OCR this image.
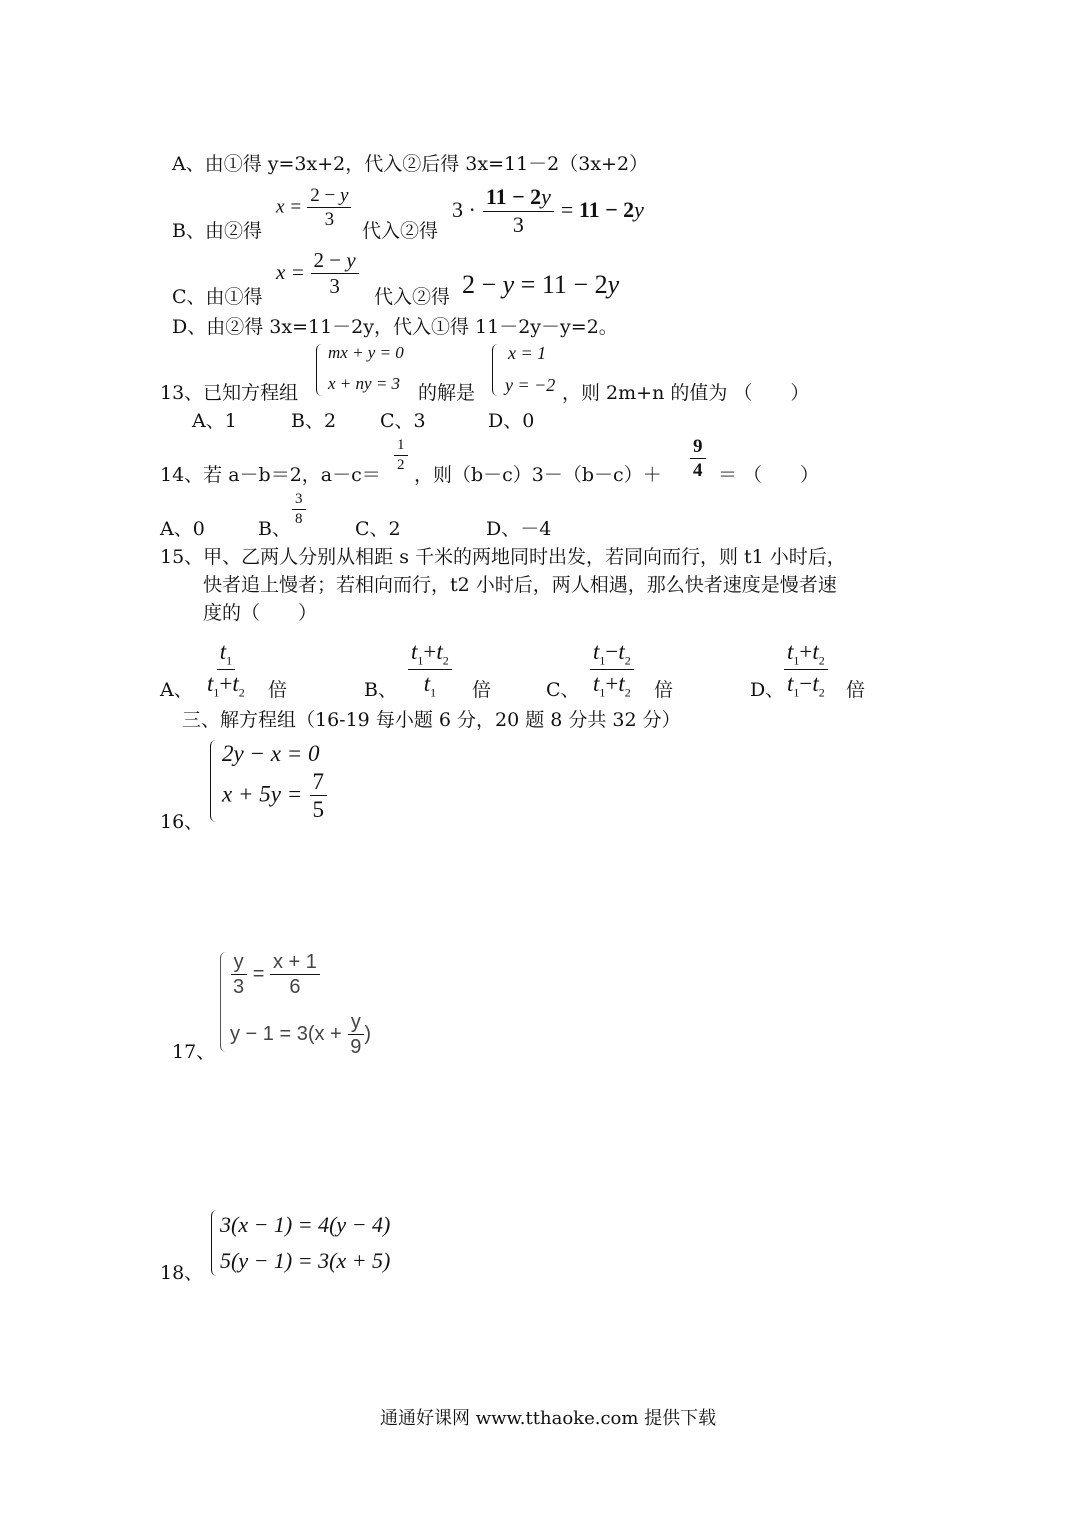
A、由①得 y=3x+2，代入②后得 3x=11－2（3x+2）
B、由②得
$x = \frac{2 - y}{3}$
代入②得
$3 \cdot \frac{11 - 2y}{3} = 11 - 2y$
C、由①得
$x = \frac{2 - y}{3}$ 代入②得 2 − y = 11 − 2y
D、由②得 3x=11－2y，代入①得 11－2y－y=2。
13、已知方程组
mx + y = 0
x + ny = 3 的解是
x = 1
y = −2 ，则 2m+n 的值为 （　　）
A、1	B、2 C、3	D、0
14、若 a－b＝2，a－c＝
$\frac{1}{2}$
，则$(b-c)3-(b-c)+ \frac{9}{4}$ ＝ （　　）
A、0	B、
$\frac{3}{8}$
C、2	D、－4
15、甲、乙两人分别从相距 s 千米的两地同时出发，若同向而行，则 t1 小时后，
快者追上慢者；若相向而行，t2 小时后，两人相遇，那么快者速度是慢者速
度的（　　）
A、 $\frac{t_1}{t_1+t_2}$ 倍	B、 $\frac{t_1+t_2}{t_1}$ 倍	C、 $\frac{t_1-t_2}{t_1+t_2}$ 倍	D、 $\frac{t_1+t_2}{t_1-t_2}$ 倍
三、解方程组（16-19 每小题 6 分，20 题 8 分共 32 分）
16、
2y − x = 0
$x + 5y = \frac{7}{5}$
17、
$\frac{y}{3} = \frac{x + 1}{6}$
$y - 1 = 3(x + \frac{y}{9}$ )
18、
3(x − 1) = 4(y − 4)
5(y − 1) = 3(x + 5)
通通好课网 www.tthaoke.com 提供下载
